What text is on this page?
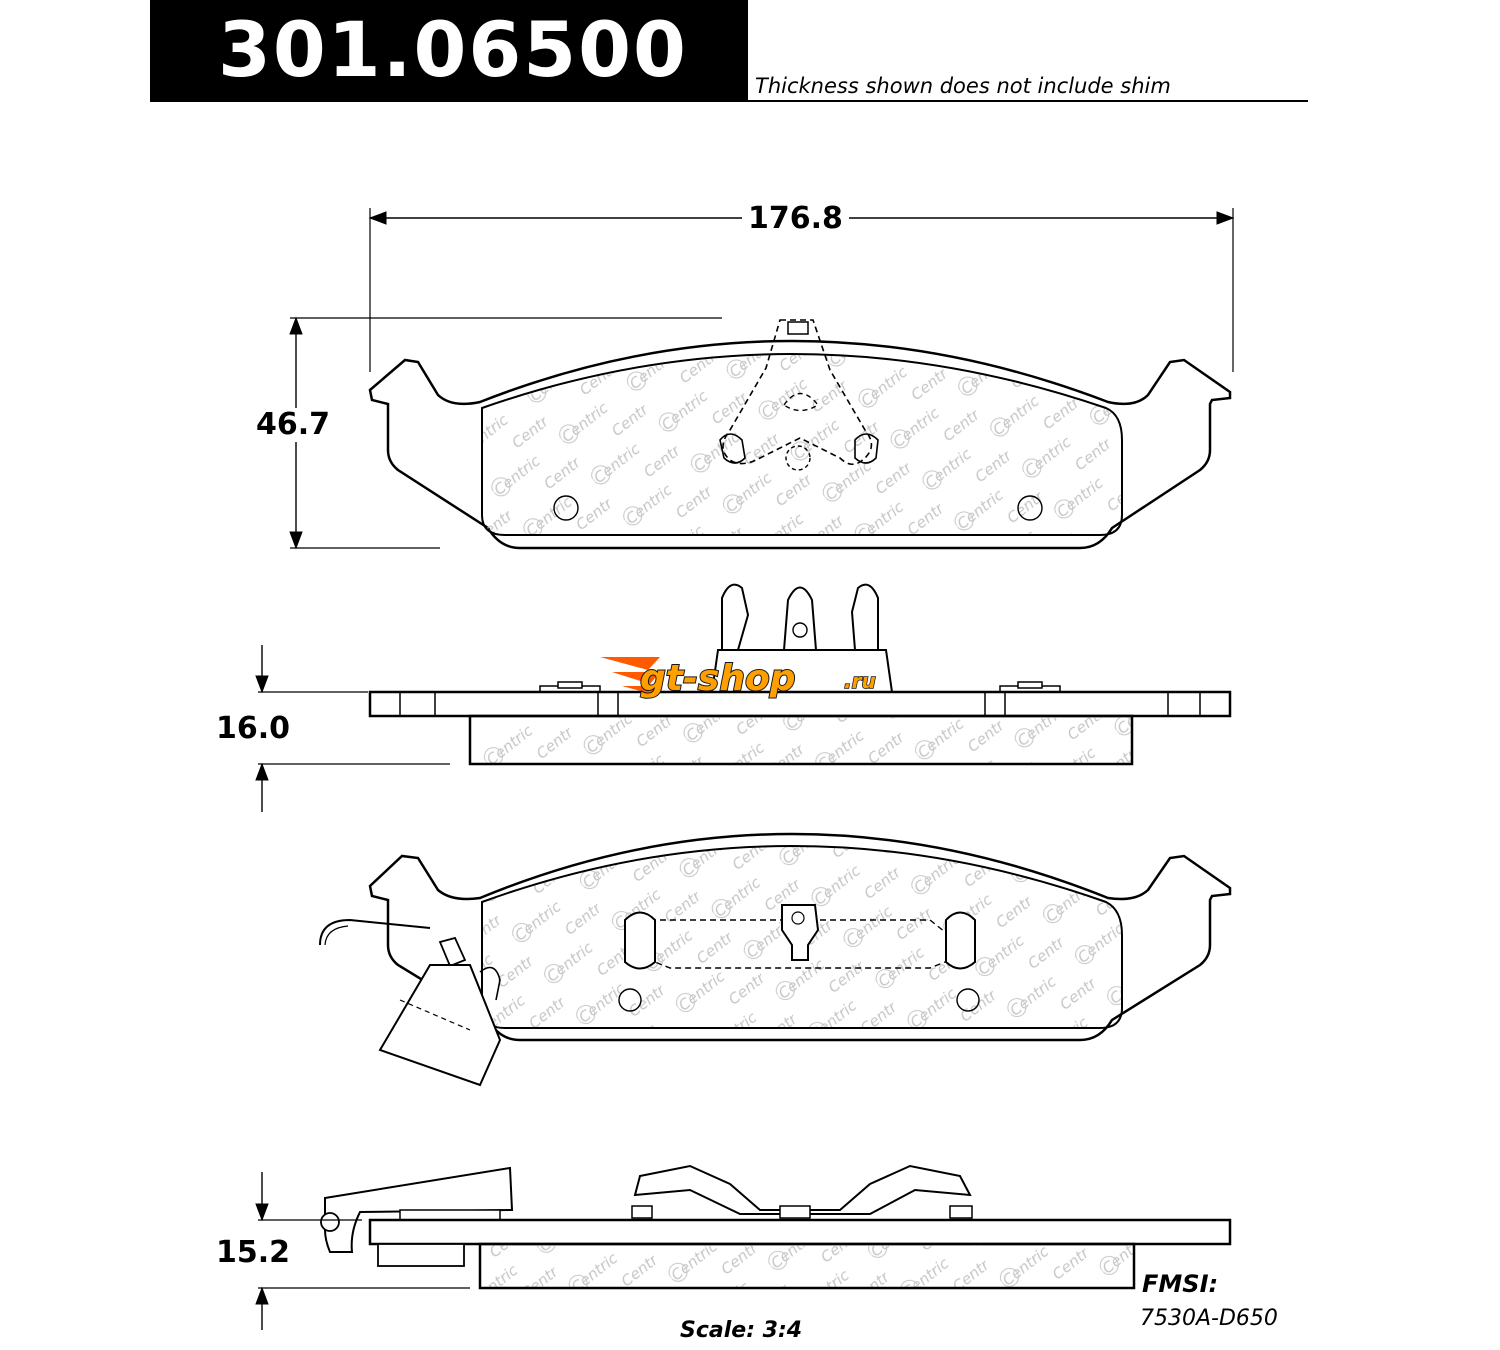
301.06500	Thickness shown does not include shim
gt-shop .ru
176.8
46.7
16.0
15.2
Scale: 3:4
FMSI:
7530A-D650
